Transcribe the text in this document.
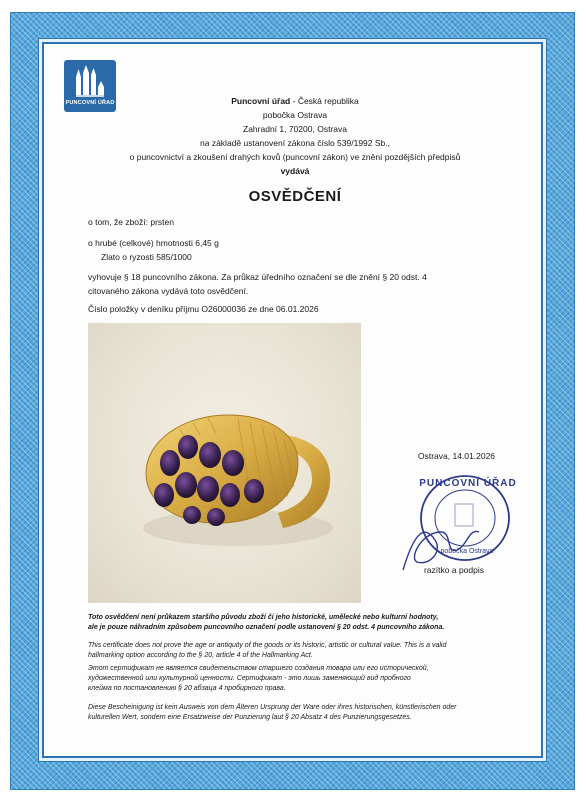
PUNCOVNÍ ÚŘAD	Puncovní úřad - Česká republika
pobočka Ostrava
Zahradní 1, 70200, Ostrava
na základě ustanovení zákona číslo 539/1992 Sb.,
o puncovnictví a zkoušení drahých kovů (puncovní zákon) ve znění pozdějších předpisů
vydává
OSVĚDČENÍ
o tom, že zboží: prsten
o hrubé (celkové) hmotnosti 6,45 g
Zlato o ryzosti 585/1000
vyhovuje § 18 puncovního zákona. Za průkaz úředního označení se dle znění § 20 odst. 4
citovaného zákona vydává toto osvědčení.
Číslo položky v deníku příjmu O26000036 ze dne 06.01.2026
Ostrava, 14.01.2026
PUNCOVNÍ ÚŘAD
pobočka Ostrava
razítko a podpis
Toto osvědčení není průkazem staršího původu zboží či jeho historické, umělecké nebo kulturní hodnoty,
ale je pouze náhradním způsobem puncovního označení podle ustanovení § 20 odst. 4 puncovního zákona.
This certificate does not prove the age or antiquity of the goods or its historic, artistic or cultural value. This is a valid
hallmarking option according to the § 20, article 4 of the Hallmarking Act.
Этот сертификат не является свидетельством старшего создания товара или его исторической,
художественной или культурной ценности. Сертификат - это лишь заменяющий вид пробного
клейма по постановлению § 20 абзаца 4 пробирного права.
Diese Bescheinigung ist kein Ausweis von dem Älteren Ursprung der Ware oder ihres historischen, künstlerischen oder
kulturellen Wert, sondern eine Ersatzweise der Punzierung laut § 20 Absatz 4 des Punzierungsgesetzes.
